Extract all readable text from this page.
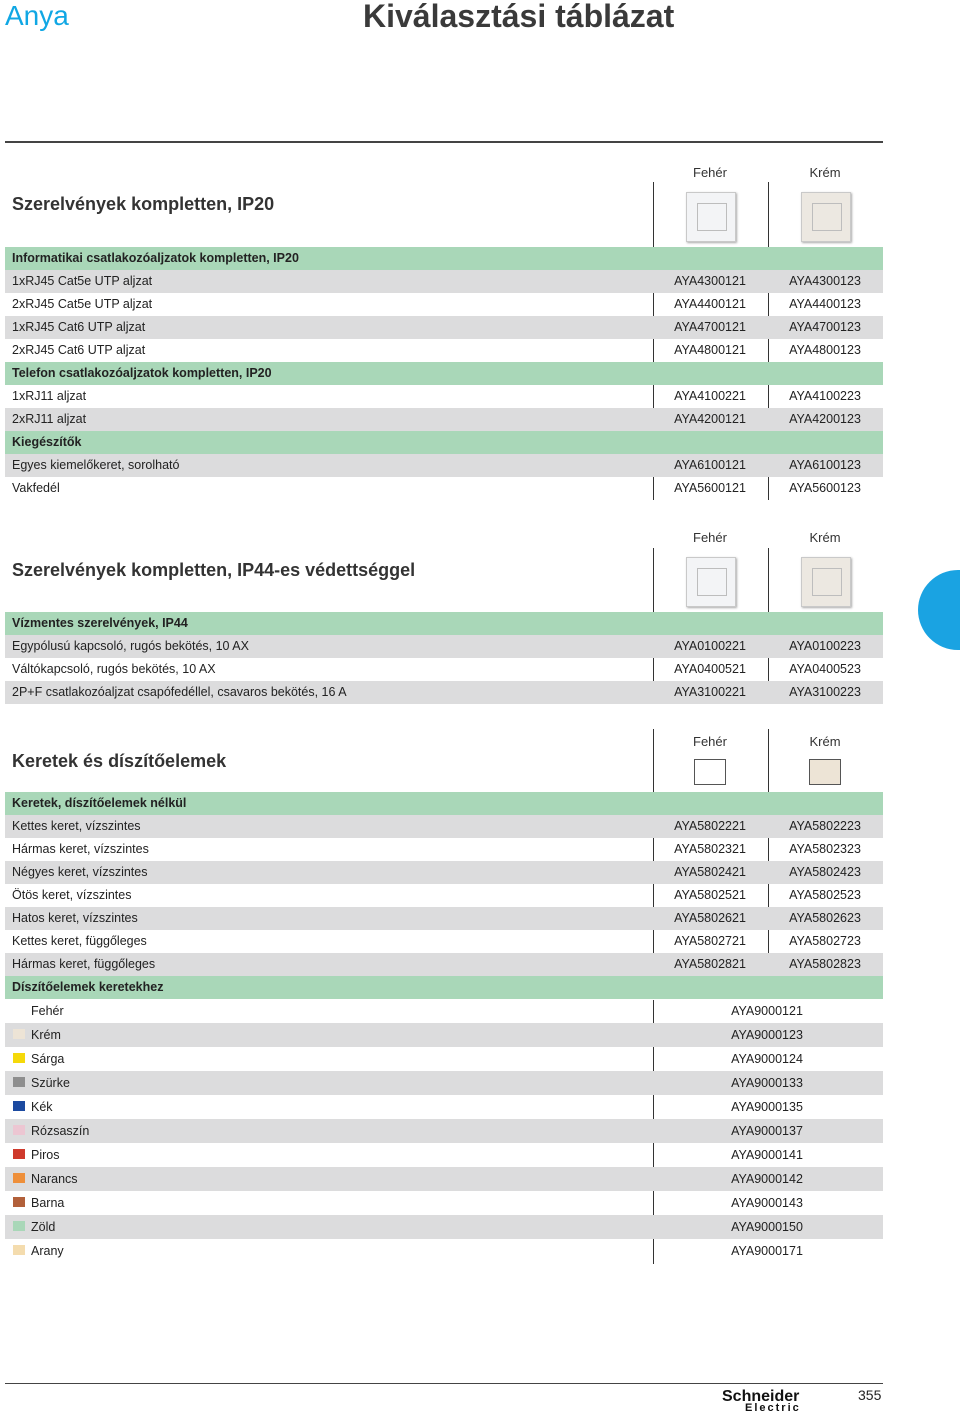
Anya	Kiválasztási táblázat
Fehér	Krém
Szerelvények kompletten, IP20
Informatikai csatlakozóaljzatok kompletten, IP20
1xRJ45 Cat5e UTP aljzat	AYA4300121	AYA4300123
2xRJ45 Cat5e UTP aljzat	AYA4400121	AYA4400123
1xRJ45 Cat6 UTP aljzat	AYA4700121	AYA4700123
2xRJ45 Cat6 UTP aljzat	AYA4800121	AYA4800123
Telefon csatlakozóaljzatok kompletten, IP20
1xRJ11 aljzat	AYA4100221	AYA4100223
2xRJ11 aljzat	AYA4200121	AYA4200123
Kiegészítők
Egyes kiemelőkeret, sorolható	AYA6100121	AYA6100123
Vakfedél	AYA5600121	AYA5600123
Fehér	Krém
Szerelvények kompletten, IP44-es védettséggel
Vízmentes szerelvények, IP44
Egypólusú kapcsoló, rugós bekötés, 10 AX	AYA0100221	AYA0100223
Váltókapcsoló, rugós bekötés, 10 AX	AYA0400521	AYA0400523
2P+F csatlakozóaljzat csapófedéllel, csavaros bekötés, 16 A	AYA3100221	AYA3100223
Fehér	Krém
Keretek és díszítőelemek
Keretek, díszítőelemek nélkül
Kettes keret, vízszintes	AYA5802221	AYA5802223
Hármas keret, vízszintes	AYA5802321	AYA5802323
Négyes keret, vízszintes	AYA5802421	AYA5802423
Ötös keret, vízszintes	AYA5802521	AYA5802523
Hatos keret, vízszintes	AYA5802621	AYA5802623
Kettes keret, függőleges	AYA5802721	AYA5802723
Hármas keret, függőleges	AYA5802821	AYA5802823
Díszítőelemek keretekhez
Fehér	AYA9000121
Krém	AYA9000123
Sárga	AYA9000124
Szürke	AYA9000133
Kék	AYA9000135
Rózsaszín	AYA9000137
Piros	AYA9000141
Narancs	AYA9000142
Barna	AYA9000143
Zöld	AYA9000150
Arany	AYA9000171
Schneider
Electric
355
